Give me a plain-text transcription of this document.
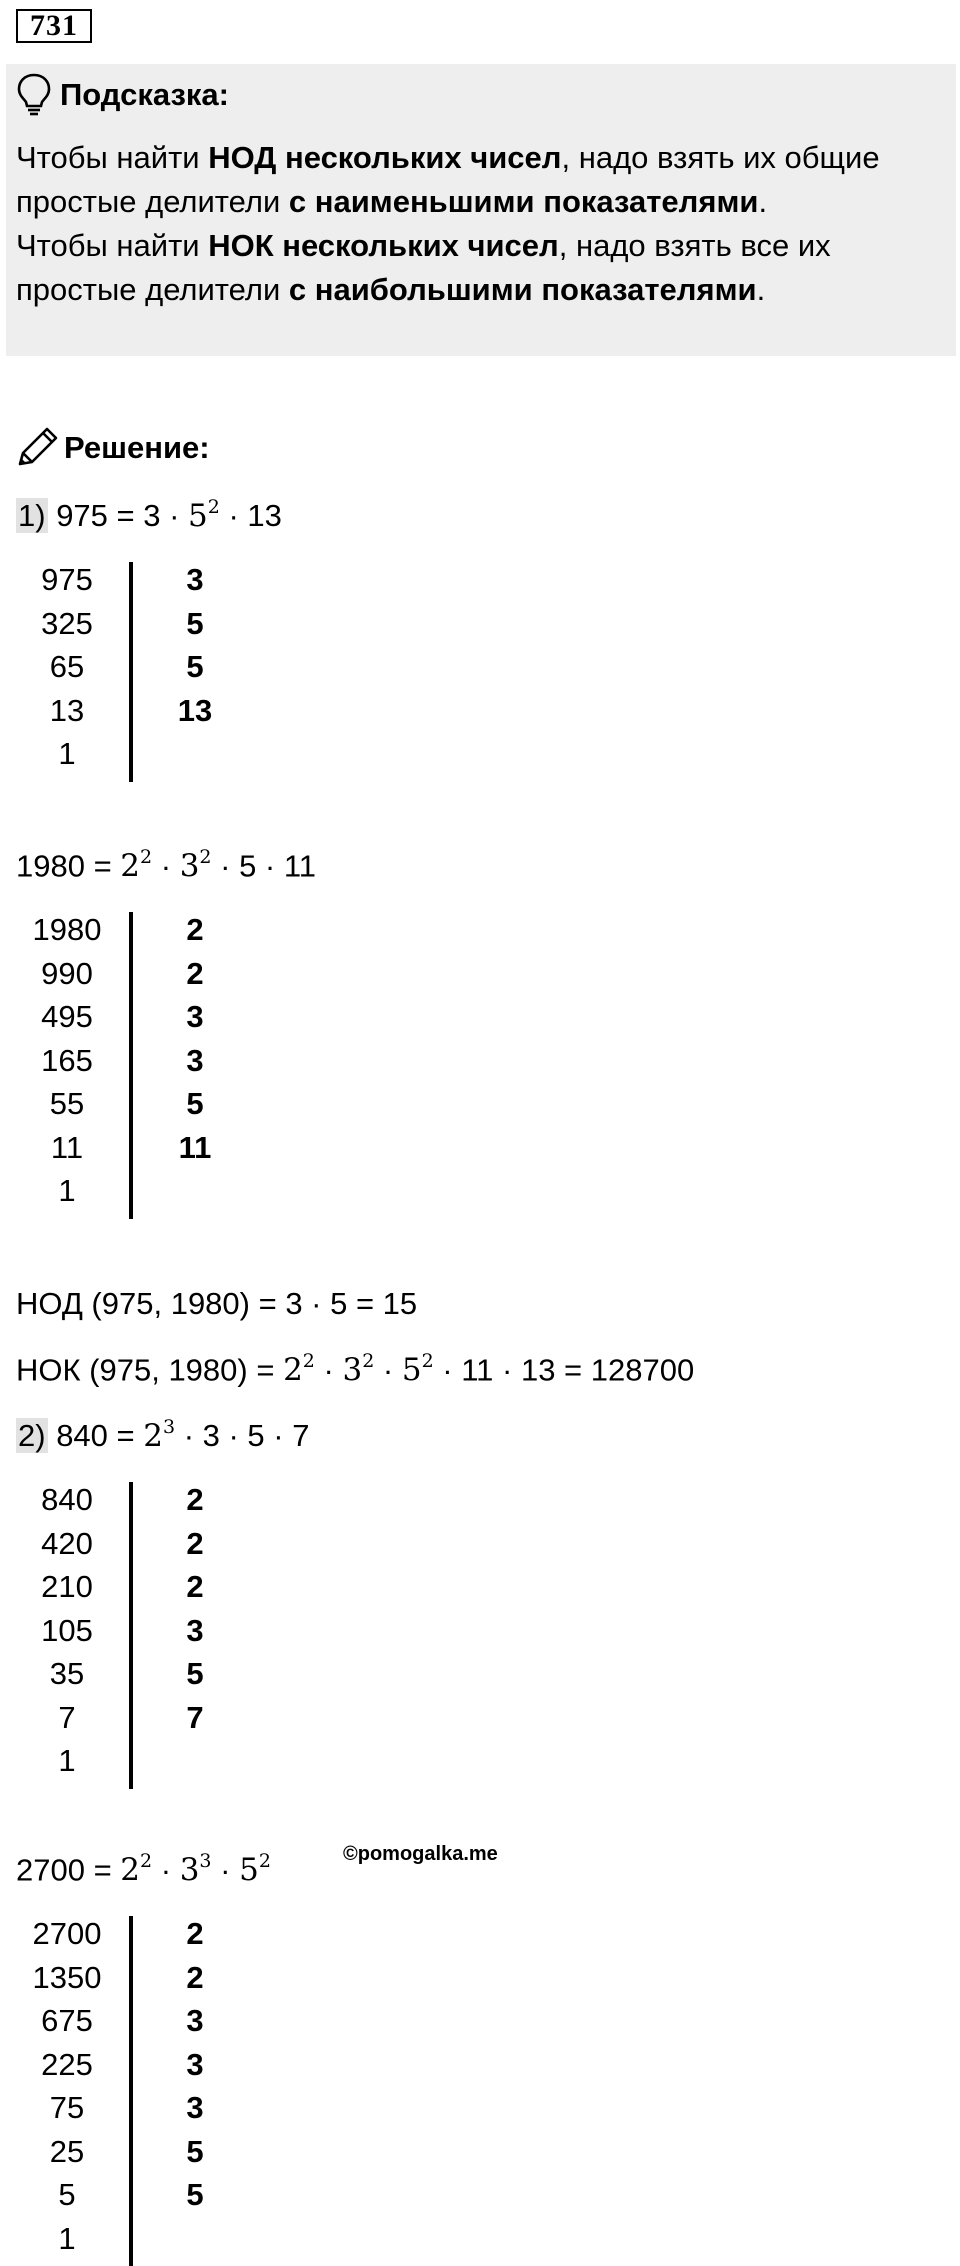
731
Подсказка:
Чтобы найти НОД нескольких чисел, надо взять их общие
простые делители с наименьшими показателями.
Чтобы найти НОК нескольких чисел, надо взять все их
простые делители с наибольшими показателями.
Решение:
1) $975 = 3 \cdot 5^2 \cdot 13$
975
325
65
13
1
3
5
5
13
$1980 = 2^2 \cdot 3^2 \cdot 5 \cdot 11$
1980
990
495
165
55
11
1
2
2
3
3
5
11
НОД (975, 1980) = 3 · 5 = 15
НОК (975, $1980) = 2^2 \cdot 3^2 \cdot 5^2 \cdot 11 \cdot 13 = 128700$
2) $840 = 2^3 \cdot 3 \cdot 5 \cdot 7$
840
420
210
105
35
7
1
2
2
2
3
5
7
©pomogalka.me
$2700 = 2^2 \cdot 3^3 \cdot 5^2$
2700
1350
675
225
75
25
5
1
2
2
3
3
3
5
5
